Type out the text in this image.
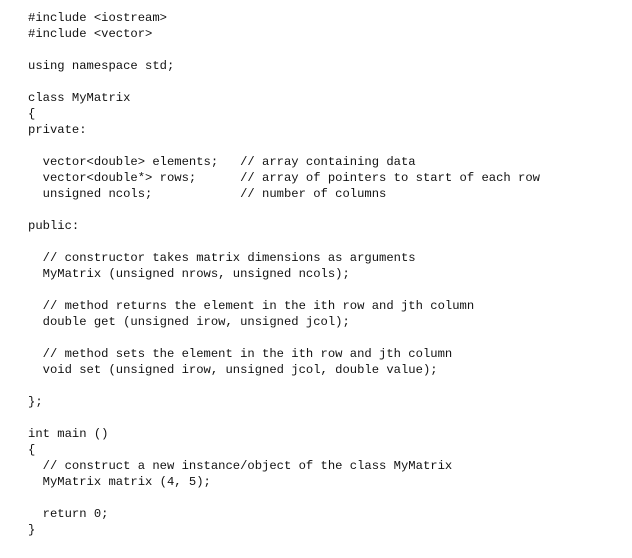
#include <iostream>
#include <vector>
using namespace std;
class MyMatrix
{
private:
vector<double> elements;   // array containing data
vector<double*> rows;      // array of pointers to start of each row
unsigned ncols;            // number of columns
public:
// constructor takes matrix dimensions as arguments
MyMatrix (unsigned nrows, unsigned ncols);
// method returns the element in the ith row and jth column
double get (unsigned irow, unsigned jcol);
// method sets the element in the ith row and jth column
void set (unsigned irow, unsigned jcol, double value);
};
int main ()
{
// construct a new instance/object of the class MyMatrix
MyMatrix matrix (4, 5);
return 0;
}
